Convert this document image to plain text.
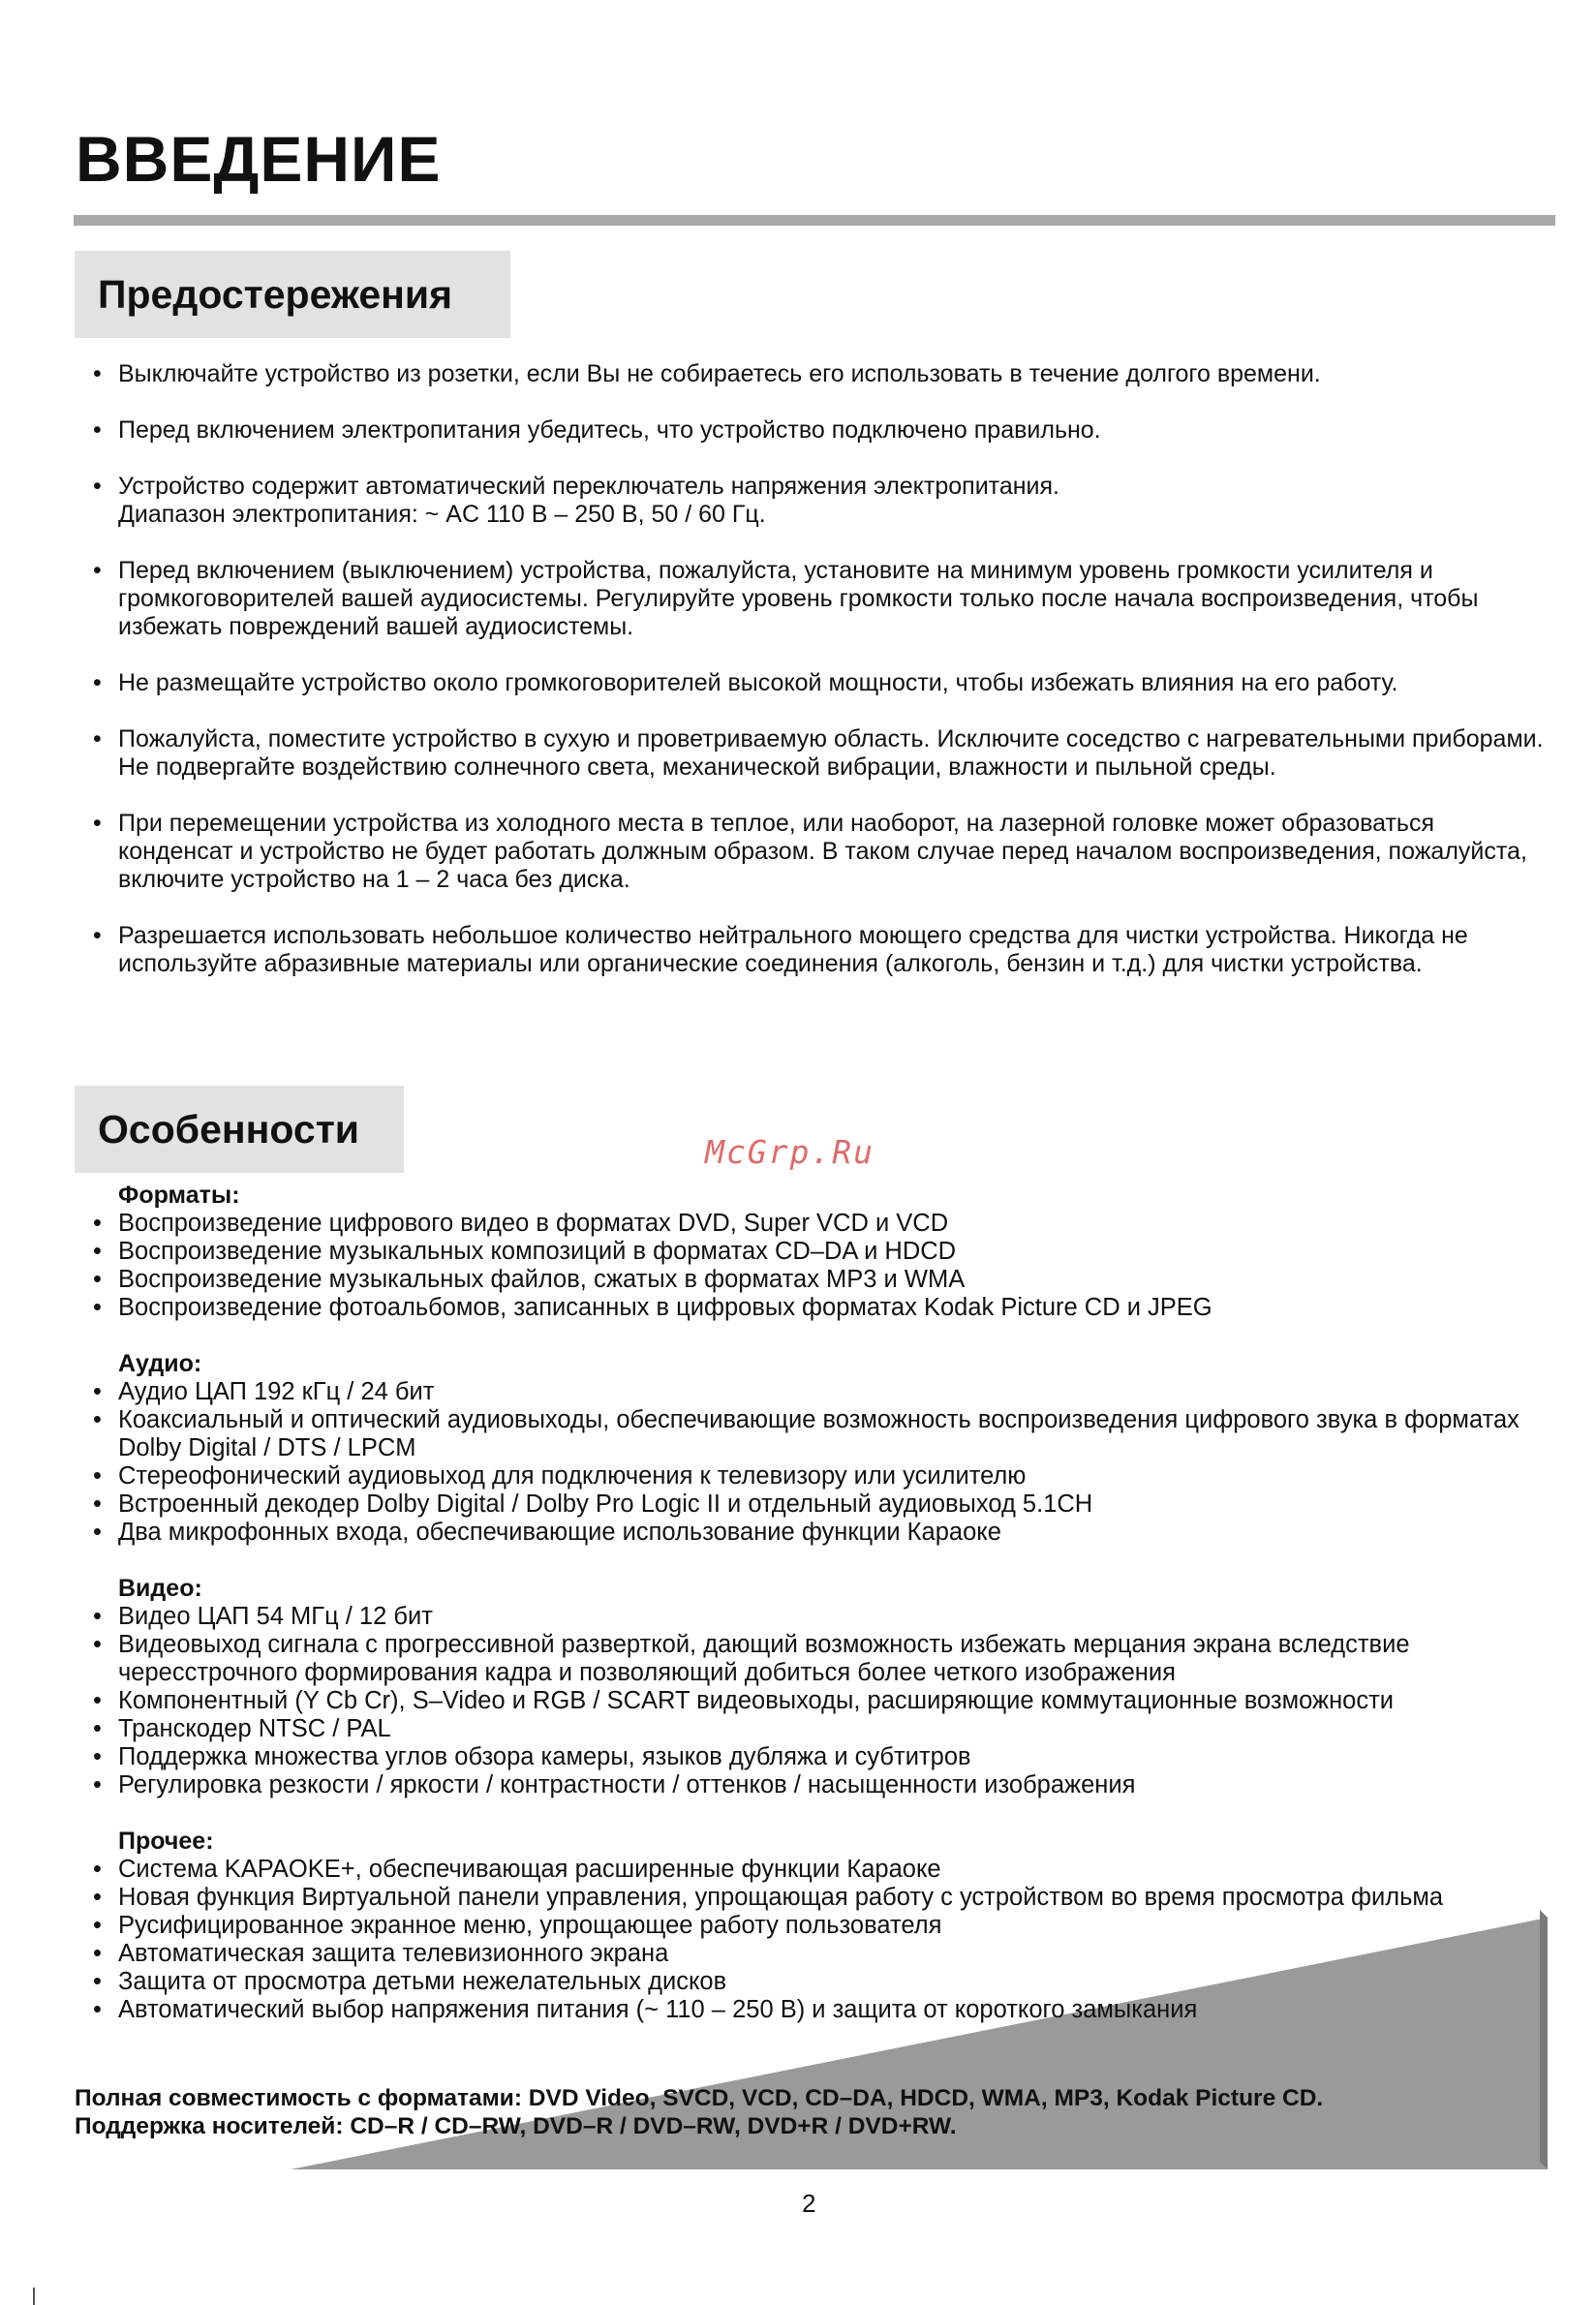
ВВЕДЕНИЕ
Предостережения
• Выключайте устройство из розетки, если Вы не собираетесь его использовать в течение долгого времени.
• Перед включением электропитания убедитесь, что устройство подключено правильно.
• Устройство содержит автоматический переключатель напряжения электропитания.
Диапазон электропитания: ~ AC 110 В – 250 В, 50 / 60 Гц.
• Перед включением (выключением) устройства, пожалуйста, установите на минимум уровень громкости усилителя и громкоговорителей вашей аудиосистемы. Регулируйте уровень громкости только после начала воспроизведения, чтобы избежать повреждений вашей аудиосистемы.
• Не размещайте устройство около громкоговорителей высокой мощности, чтобы избежать влияния на его работу.
• Пожалуйста, поместите устройство в сухую и проветриваемую область. Исключите соседство с нагревательными приборами. Не подвергайте воздействию солнечного света, механической вибрации, влажности и пыльной среды.
• При перемещении устройства из холодного места в теплое, или наоборот, на лазерной головке может образоваться конденсат и устройство не будет работать должным образом. В таком случае перед началом воспроизведения, пожалуйста, включите устройство на 1 – 2 часа без диска.
• Разрешается использовать небольшое количество нейтрального моющего средства для чистки устройства. Никогда не используйте абразивные материалы или органические соединения (алкоголь, бензин и т.д.) для чистки устройства.
Особенности
McGrp.Ru
Форматы:
• Воспроизведение цифрового видео в форматах DVD, Super VCD и VCD
• Воспроизведение музыкальных композиций в форматах CD–DA и HDCD
• Воспроизведение музыкальных файлов, сжатых в форматах MP3 и WMA
• Воспроизведение фотоальбомов, записанных в цифровых форматах Kodak Picture CD и JPEG
Аудио:
• Аудио ЦАП 192 кГц / 24 бит
• Коаксиальный и оптический аудиовыходы, обеспечивающие возможность воспроизведения цифрового звука в форматах Dolby Digital / DTS / LPCM
• Стереофонический аудиовыход для подключения к телевизору или усилителю
• Встроенный декодер Dolby Digital / Dolby Pro Logic II и отдельный аудиовыход 5.1CH
• Два микрофонных входа, обеспечивающие использование функции Караоке
Видео:
• Видео ЦАП 54 МГц / 12 бит
• Видеовыход сигнала с прогрессивной разверткой, дающий возможность избежать мерцания экрана вследствие чересстрочного формирования кадра и позволяющий добиться более четкого изображения
• Компонентный (Y Cb Cr), S–Video и RGB / SCART видеовыходы, расширяющие коммутационные возможности
• Транскодер NTSC / PAL
• Поддержка множества углов обзора камеры, языков дубляжа и субтитров
• Регулировка резкости / яркости / контрастности / оттенков / насыщенности изображения
Прочее:
• Система KAPAOKE+, обеспечивающая расширенные функции Караоке
• Новая функция Виртуальной панели управления, упрощающая работу с устройством во время просмотра фильма
• Русифицированное экранное меню, упрощающее работу пользователя
• Автоматическая защита телевизионного экрана
• Защита от просмотра детьми нежелательных дисков
• Автоматический выбор напряжения питания (~ 110 – 250 В) и защита от короткого замыкания
Полная совместимость с форматами: DVD Video, SVCD, VCD, CD–DA, HDCD, WMA, MP3, Kodak Picture CD.
Поддержка носителей: CD–R / CD–RW, DVD–R / DVD–RW, DVD+R / DVD+RW.
2
